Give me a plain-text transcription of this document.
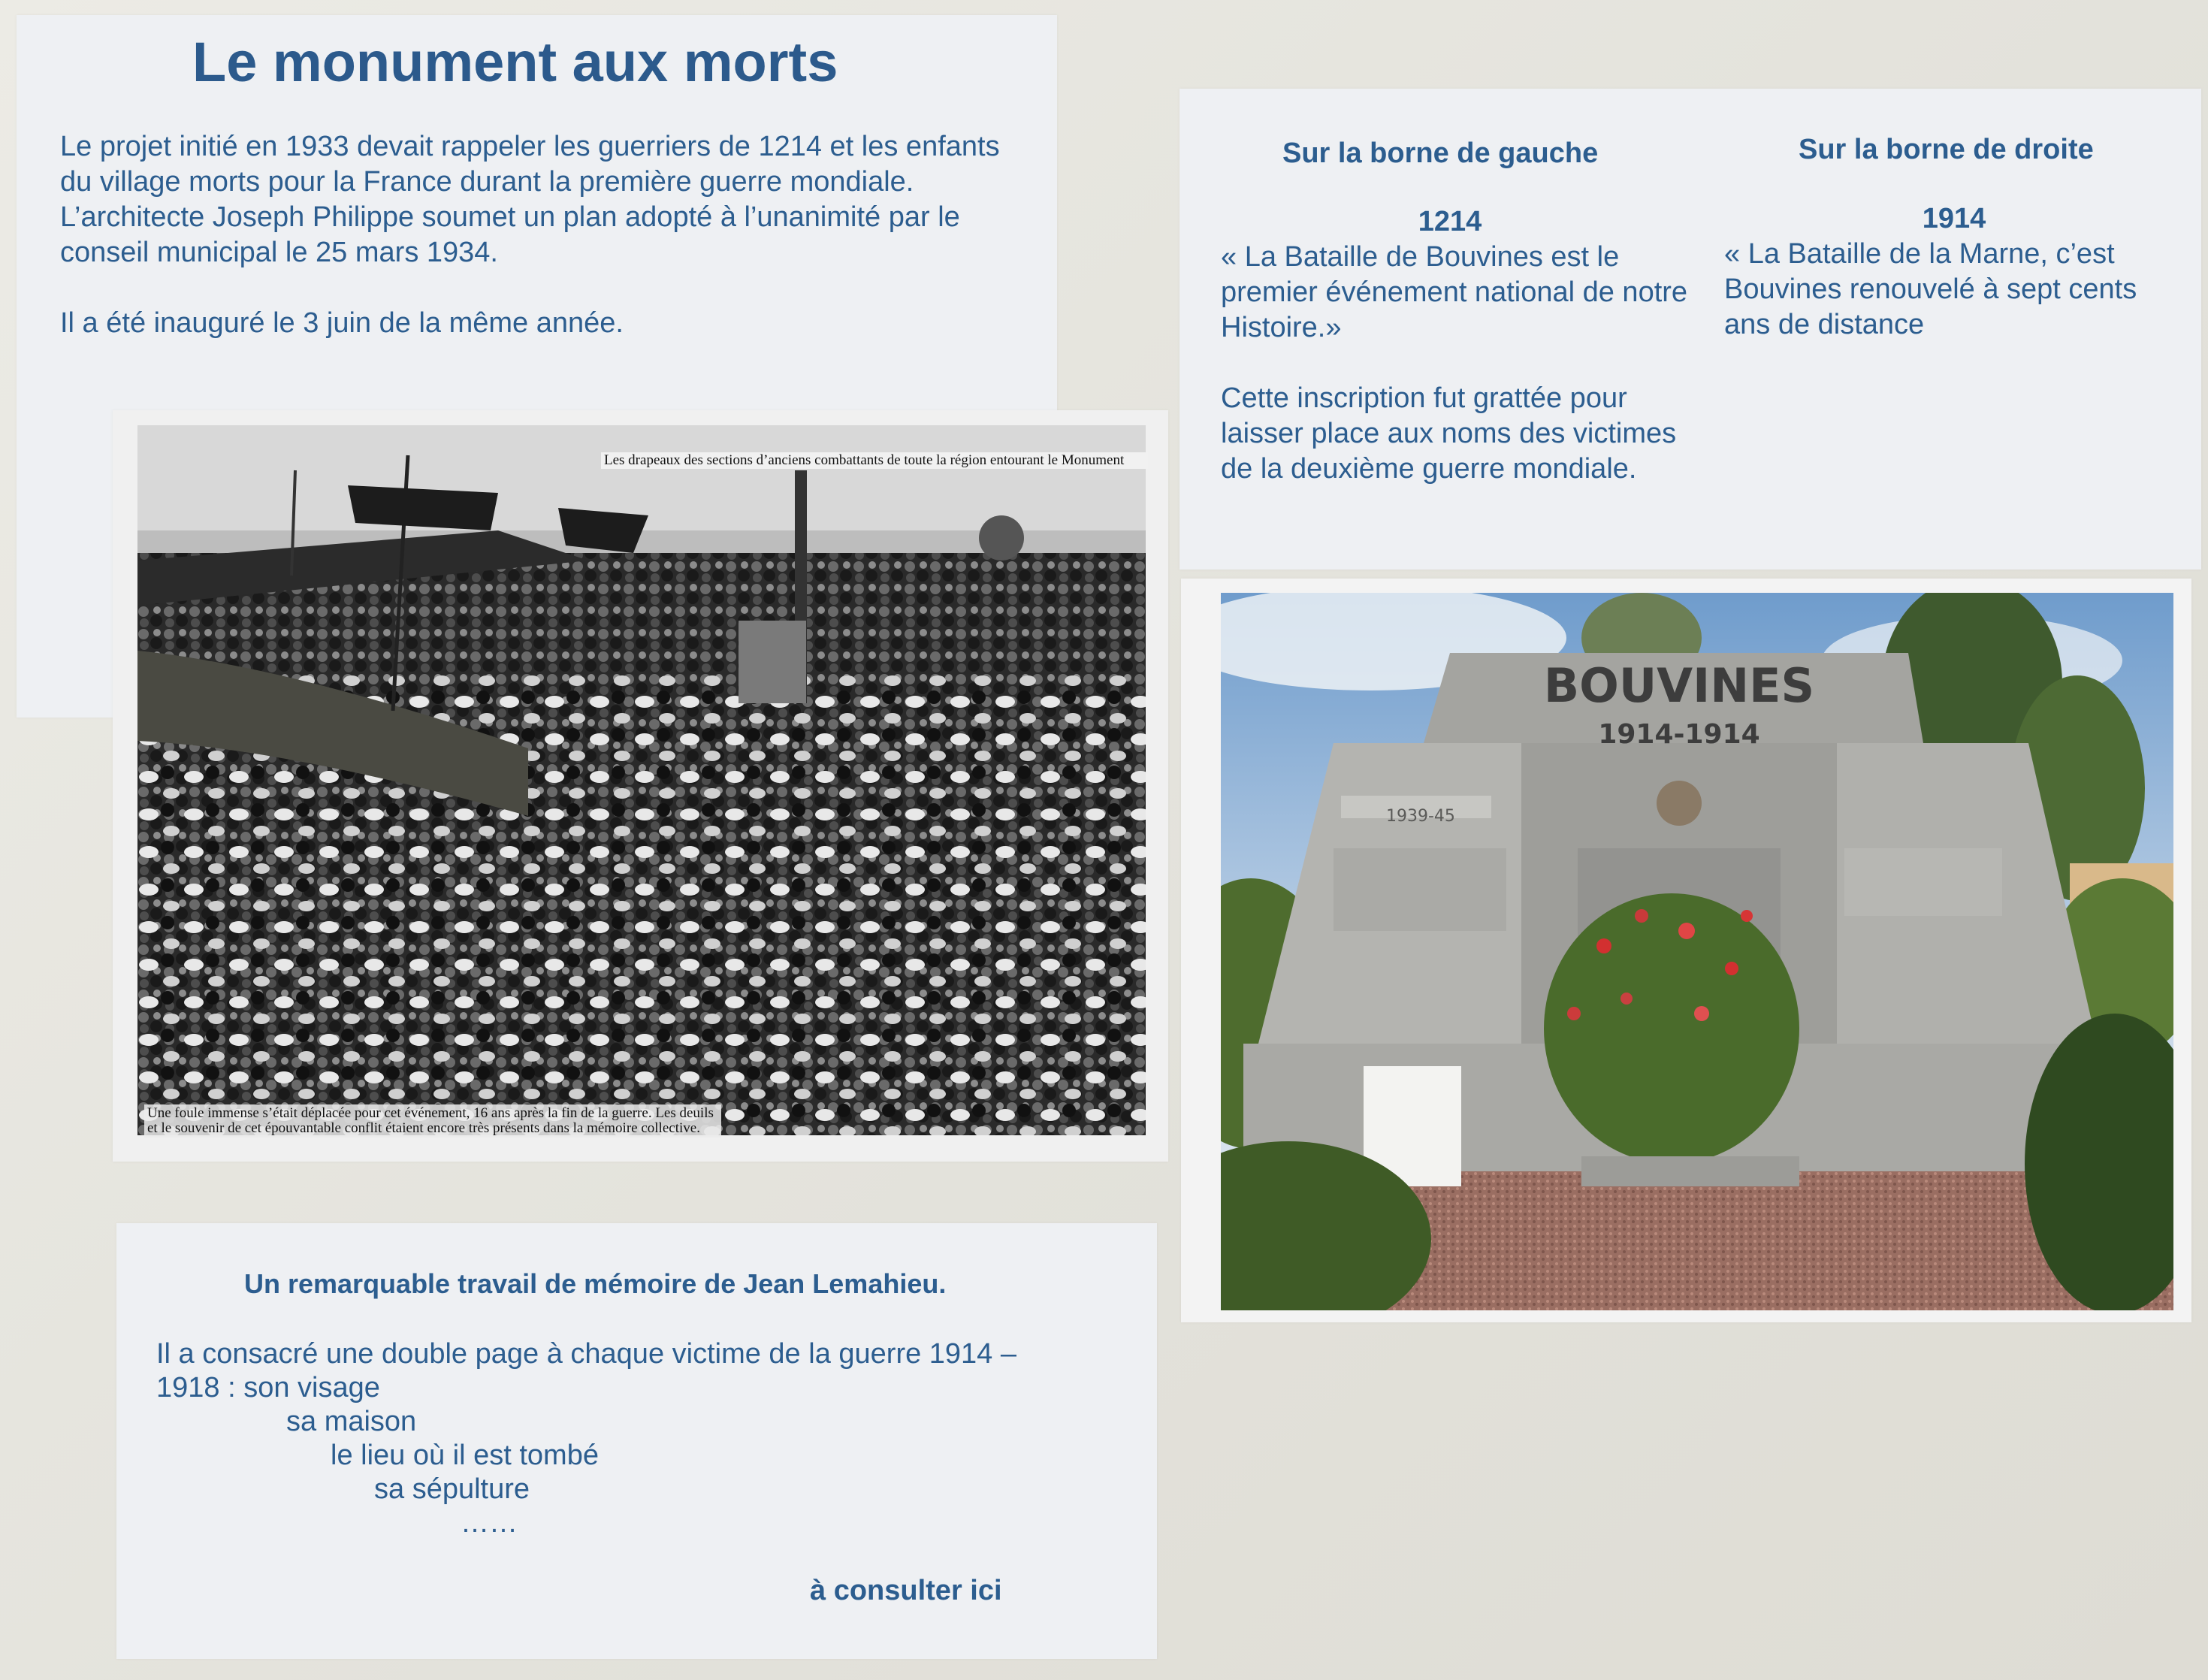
Le monument aux morts

Le projet initié en 1933 devait rappeler les guerriers de 1214 et les enfants du village morts pour la France durant la première guerre mondiale.

L’architecte Joseph Philippe soumet un plan adopté à l’unanimité par le conseil municipal le 25 mars 1934.

Il a été inauguré le 3 juin de la même année.

Les drapeaux des sections d’anciens combattants de toute la région entourant le Monument
Une foule immense s’était déplacée pour cet événement, 16 ans après la fin de la guerre. Les deuils et le souvenir de cet épouvantable conflit étaient encore très présents dans la mémoire collective.
Sur la borne de gauche	Sur la borne de droite

1214

« La Bataille de Bouvines est le premier événement national de notre Histoire.»

Cette inscription fut grattée pour laisser place aux noms des victimes de la deuxième guerre mondiale.

1914

« La Bataille de la Marne, c’est Bouvines renouvelé à sept cents ans de distance

BOUVINES
1914-1914
1939-45
Un remarquable travail de mémoire de Jean Lemahieu.
Il a consacré une double page à chaque victime de la guerre 1914 –
1918 : son visage
sa maison
le lieu où il est tombé
sa sépulture
……
à consulter ici
